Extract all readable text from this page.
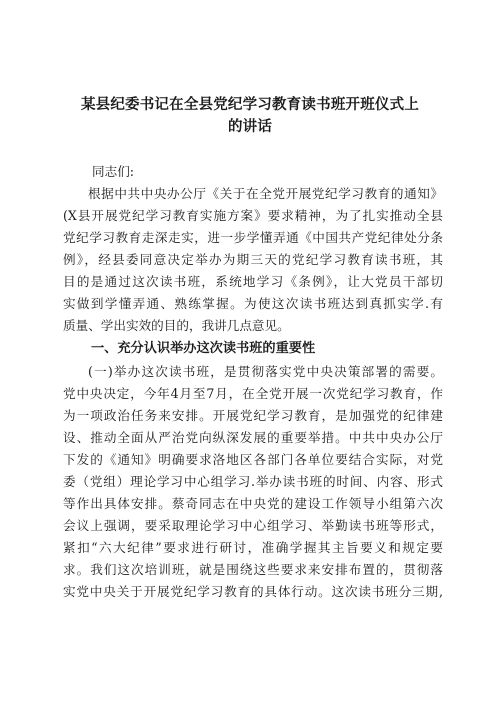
某县纪委书记在全县党纪学习教育读书班开班仪式上
的讲话
同志们:
根据中共中央办公厅《关于在全党开展党纪学习教育的通知》
(X县开展党纪学习教育实施方案》要求精神，为了扎实推动全县
党纪学习教育走深走实，进一步学懂弄通《中国共产党纪律处分条
例》，经县委同意决定举办为期三天的党纪学习教育读书班，其
目的是通过这次读书班，系统地学习《条例》，让大党员干部切
实做到学懂弄通、熟练掌握。为使这次读书班达到真抓实学.有
质量、学出实效的目的，我讲几点意见。
一、充分认识举办这次读书班的重要性
(一)举办这次读书班，是贯彻落实党中央决策部署的需要。
党中央决定，今年4月至7月，在全党开展一次党纪学习教育，作
为一项政治任务来安排。开展党纪学习教育，是加强党的纪律建
设、推动全面从严治党向纵深发展的重要举措。中共中央办公厅
下发的《通知》明确要求洛地区各部门各单位要结合实际，对党
委（党组）理论学习中心组学习.举办读书班的时间、内容、形式
等作出具体安排。蔡奇同志在中央党的建设工作领导小组第六次
会议上强调，要采取理论学习中心组学习、举勤读书班等形式，
紧扣“六大纪律”要求进行研讨，准确学握其主旨要义和规定要
求。我们这次培训班，就是围绕这些要求来安排布置的，贯彻落
实党中央关于开展党纪学习教育的具体行动。这次读书班分三期,
